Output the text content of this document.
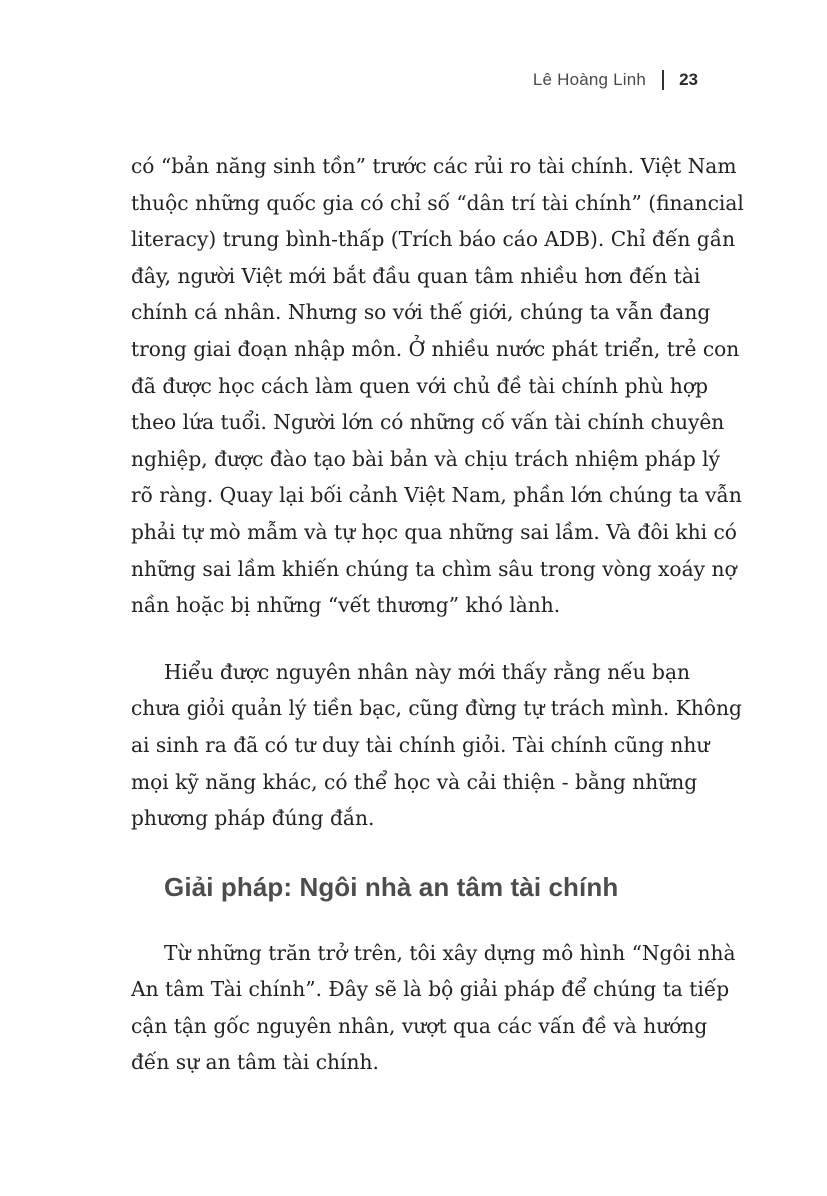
Lê Hoàng Linh 23

có “bản năng sinh tồn” trước các rủi ro tài chính. Việt Nam
thuộc những quốc gia có chỉ số “dân trí tài chính” (financial
literacy) trung bình-thấp (Trích báo cáo ADB). Chỉ đến gần
đây, người Việt mới bắt đầu quan tâm nhiều hơn đến tài
chính cá nhân. Nhưng so với thế giới, chúng ta vẫn đang
trong giai đoạn nhập môn. Ở nhiều nước phát triển, trẻ con
đã được học cách làm quen với chủ đề tài chính phù hợp
theo lứa tuổi. Người lớn có những cố vấn tài chính chuyên
nghiệp, được đào tạo bài bản và chịu trách nhiệm pháp lý
rõ ràng. Quay lại bối cảnh Việt Nam, phần lớn chúng ta vẫn
phải tự mò mẫm và tự học qua những sai lầm. Và đôi khi có
những sai lầm khiến chúng ta chìm sâu trong vòng xoáy nợ
nần hoặc bị những “vết thương” khó lành.

Hiểu được nguyên nhân này mới thấy rằng nếu bạn
chưa giỏi quản lý tiền bạc, cũng đừng tự trách mình. Không
ai sinh ra đã có tư duy tài chính giỏi. Tài chính cũng như
mọi kỹ năng khác, có thể học và cải thiện - bằng những
phương pháp đúng đắn.

Giải pháp: Ngôi nhà an tâm tài chính

Từ những trăn trở trên, tôi xây dựng mô hình “Ngôi nhà
An tâm Tài chính”. Đây sẽ là bộ giải pháp để chúng ta tiếp
cận tận gốc nguyên nhân, vượt qua các vấn đề và hướng
đến sự an tâm tài chính.
